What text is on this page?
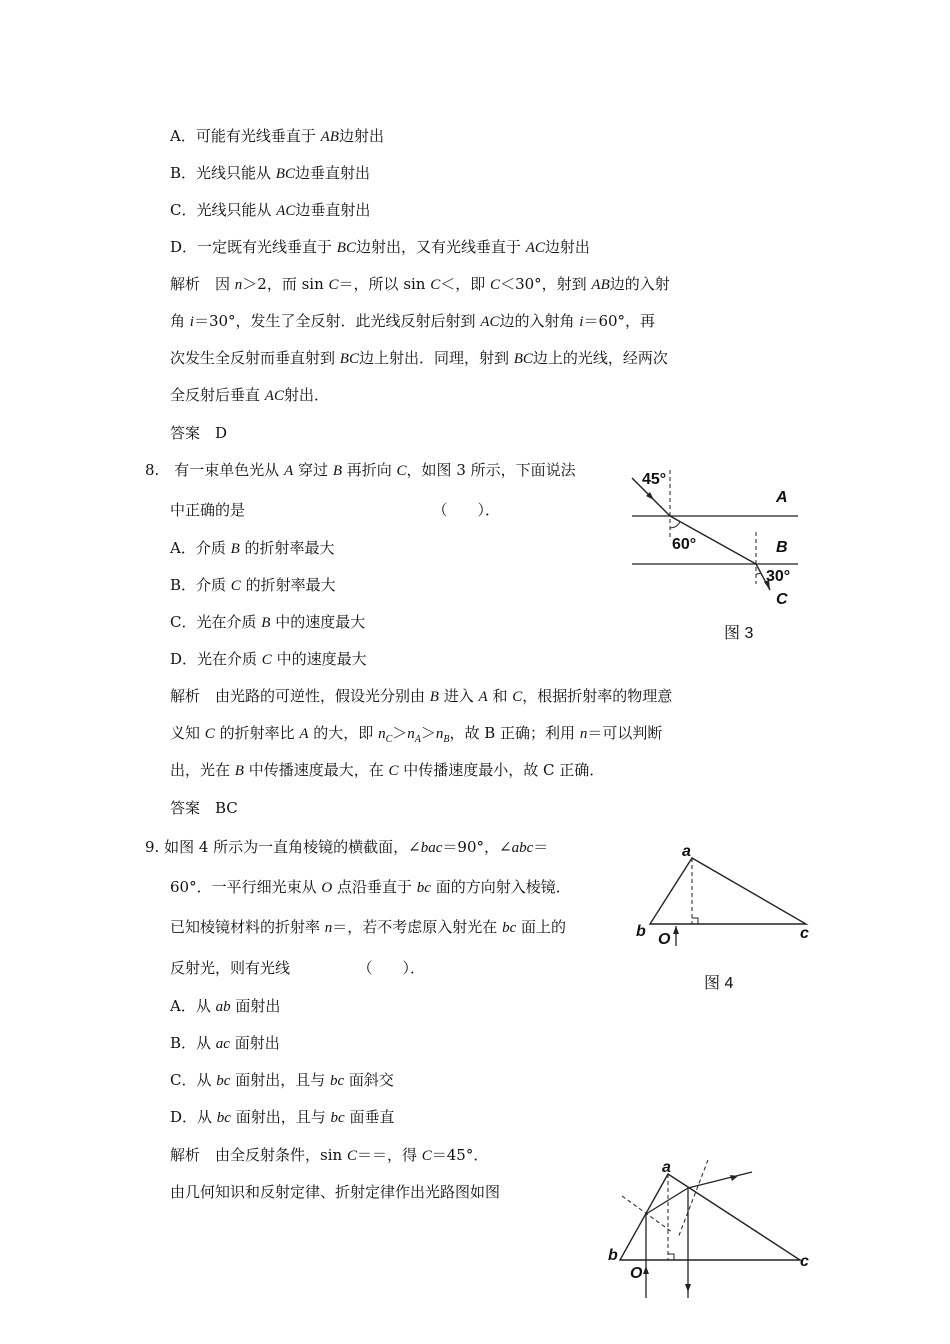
A．可能有光线垂直于 AB边射出
B．光线只能从 BC边垂直射出
C．光线只能从 AC边垂直射出
D．一定既有光线垂直于 BC边射出，又有光线垂直于 AC边射出
解析　因 n＞2，而 sin C＝，所以 sin C＜，即 C＜30°，射到 AB边的入射
角 i＝30°，发生了全反射．此光线反射后射到 AC边的入射角 i＝60°，再
次发生全反射而垂直射到 BC边上射出．同理，射到 BC边上的光线，经两次
全反射后垂直 AC射出．
答案　D
8.　有一束单色光从 A 穿过 B 再折向 C，如图 3 所示，下面说法
中正确的是　　　　　　　　　　　　　（　　）．
A．介质 B 的折射率最大
B．介质 C 的折射率最大
C．光在介质 B 中的速度最大
D．光在介质 C 中的速度最大
解析　由光路的可逆性，假设光分别由 B 进入 A 和 C，根据折射率的物理意
义知 C 的折射率比 A 的大，即 $n_C>n_A>n_B$，故 B 正确；利用 n＝可以判断
出，光在 B 中传播速度最大，在 C 中传播速度最小，故 C 正确．
答案　BC
45°
A
60°	B
30°
C
图 3
9. 如图 4 所示为一直角棱镜的横截面，∠bac＝90°，∠abc＝
60°．一平行细光束从 O 点沿垂直于 bc 面的方向射入棱镜．
已知棱镜材料的折射率 n＝，若不考虑原入射光在 bc 面上的
反射光，则有光线　　　　　（　　）．
A．从 ab 面射出
B．从 ac 面射出
C．从 bc 面射出，且与 bc 面斜交
D．从 bc 面射出，且与 bc 面垂直
解析　由全反射条件，sin C＝＝，得 C＝45°．
由几何知识和反射定律、折射定律作出光路图如图
a
b	c
O
图 4
a
b	c
O
